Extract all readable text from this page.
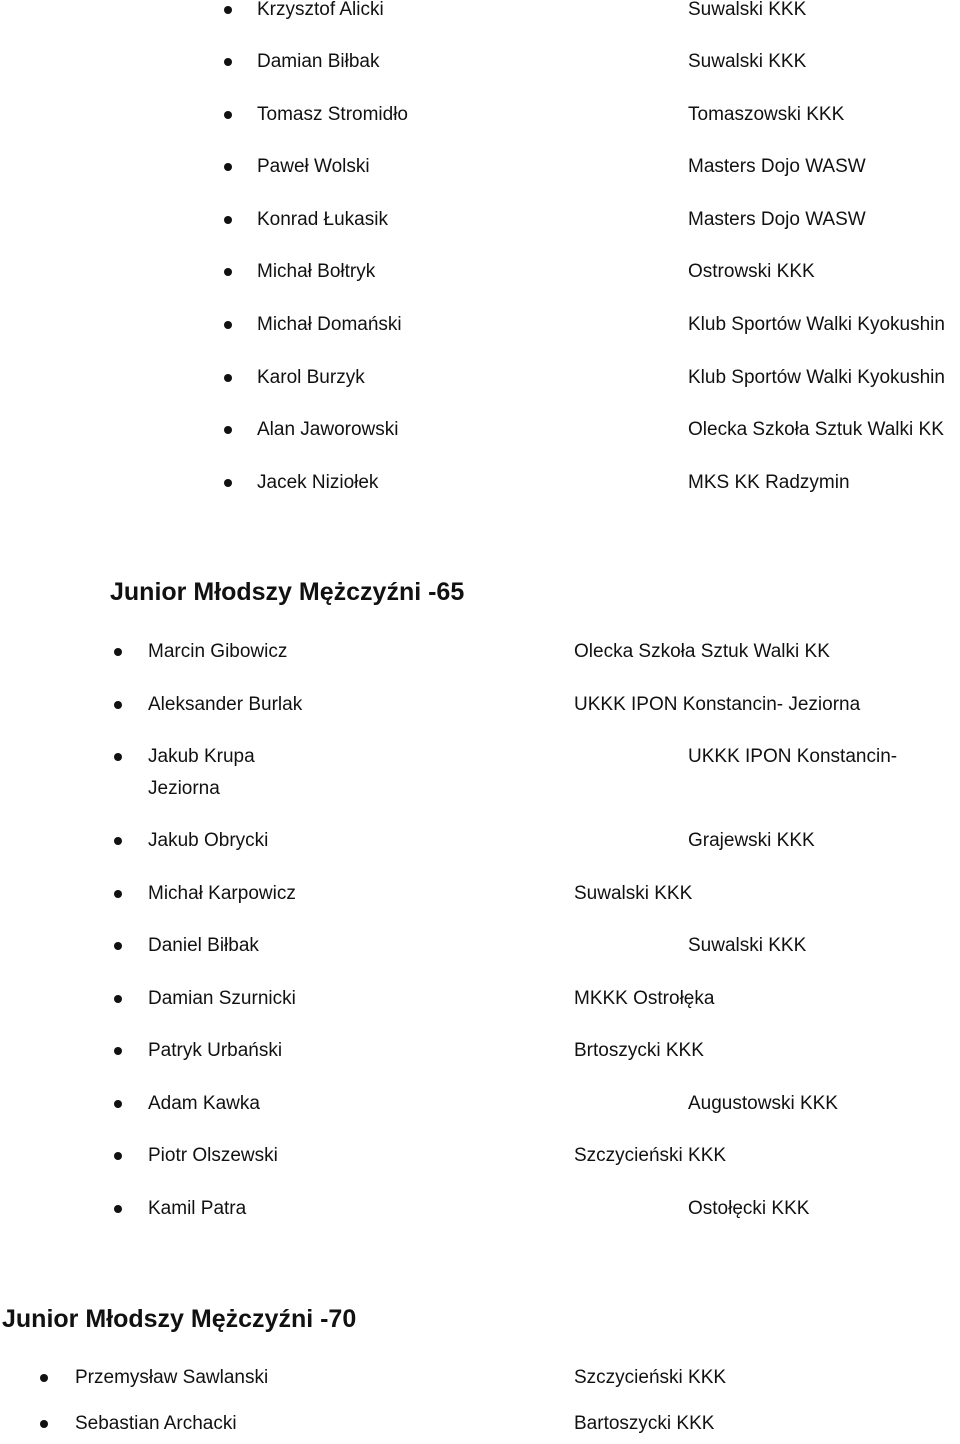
Krzysztof Alicki	Suwalski KKK
Damian Biłbak	Suwalski KKK
Tomasz Stromidło	Tomaszowski KKK
Paweł Wolski	Masters Dojo WASW
Konrad Łukasik	Masters Dojo WASW
Michał Bołtryk	Ostrowski KKK
Michał Domański	Klub Sportów Walki Kyokushin
Karol Burzyk	Klub Sportów Walki Kyokushin
Alan Jaworowski	Olecka Szkoła Sztuk Walki KK
Jacek Niziołek	MKS KK Radzymin
Junior Młodszy Mężczyźni -65
Marcin Gibowicz	Olecka Szkoła Sztuk Walki KK
Aleksander Burlak	UKKK IPON Konstancin- Jeziorna
Jakub Krupa	UKKK IPON Konstancin-
Jeziorna
Jakub Obrycki	Grajewski KKK
Michał Karpowicz	Suwalski KKK
Daniel Biłbak	Suwalski KKK
Damian Szurnicki	MKKK Ostrołęka
Patryk Urbański	Brtoszycki KKK
Adam Kawka	Augustowski KKK
Piotr Olszewski	Szczycieński KKK
Kamil Patra	Ostołęcki KKK
Junior Młodszy Mężczyźni -70
Przemysław Sawlanski	Szczycieński KKK
Sebastian Archacki	Bartoszycki KKK
